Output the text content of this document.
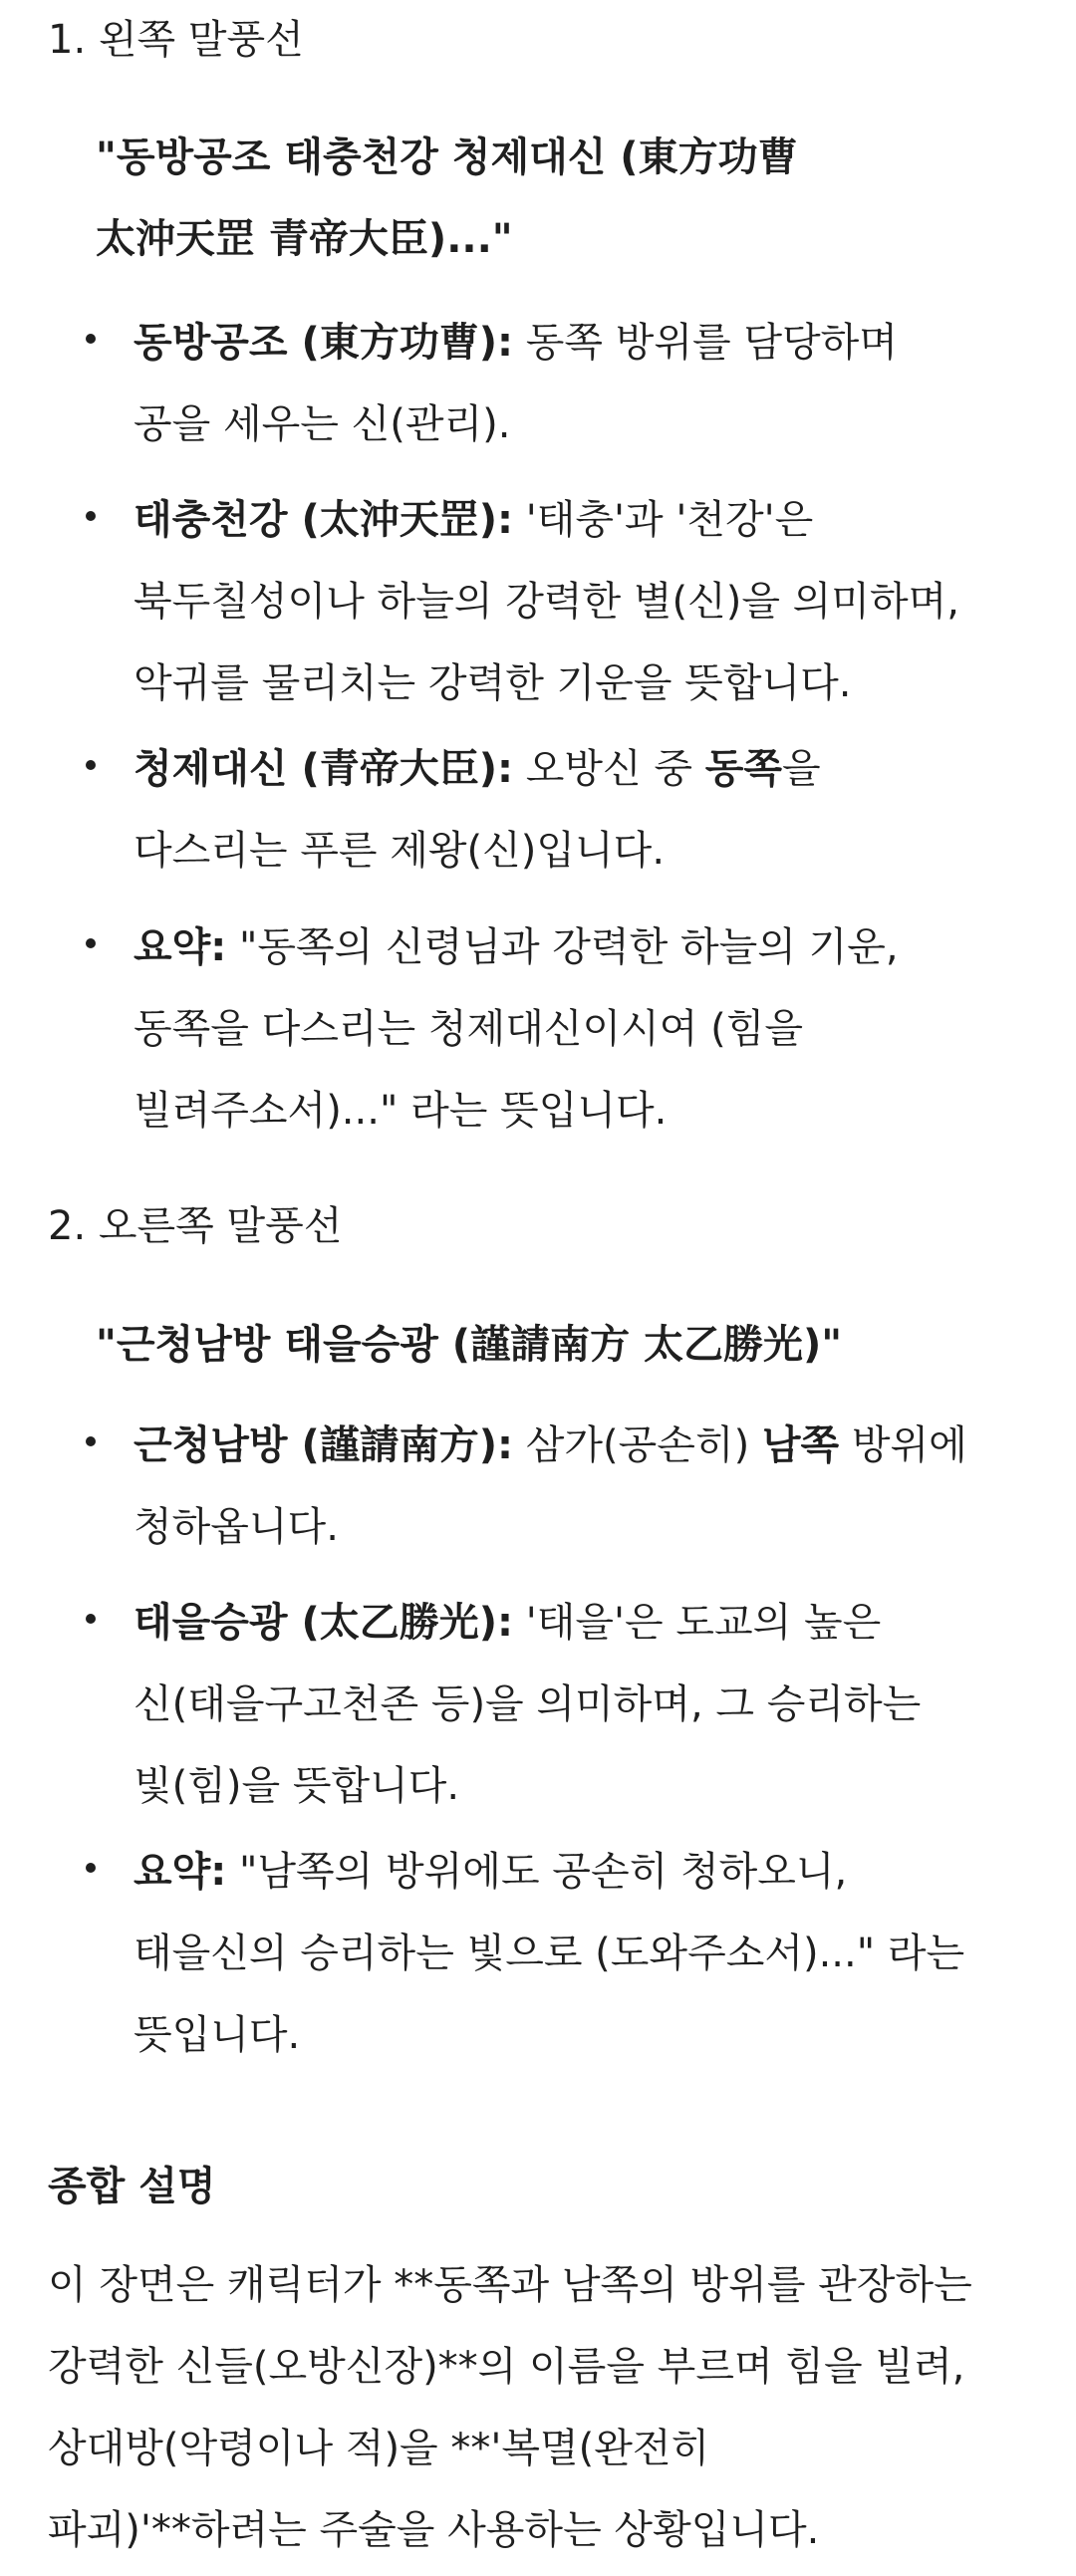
1. 왼쪽 말풍선
"동방공조 태충천강 청제대신 (東方功曹
太沖天罡 青帝大臣)..."
동방공조 (東方功曹): 동쪽 방위를 담당하며
공을 세우는 신(관리).
태충천강 (太沖天罡): '태충'과 '천강'은
북두칠성이나 하늘의 강력한 별(신)을 의미하며,
악귀를 물리치는 강력한 기운을 뜻합니다.
청제대신 (青帝大臣): 오방신 중 동쪽을
다스리는 푸른 제왕(신)입니다.
요약: "동쪽의 신령님과 강력한 하늘의 기운,
동쪽을 다스리는 청제대신이시여 (힘을
빌려주소서)..." 라는 뜻입니다.
2. 오른쪽 말풍선
"근청남방 태을승광 (謹請南方 太乙勝光)"
근청남방 (謹請南方): 삼가(공손히) 남쪽 방위에
청하옵니다.
태을승광 (太乙勝光): '태을'은 도교의 높은
신(태을구고천존 등)을 의미하며, 그 승리하는
빛(힘)을 뜻합니다.
요약: "남쪽의 방위에도 공손히 청하오니,
태을신의 승리하는 빛으로 (도와주소서)..." 라는
뜻입니다.
종합 설명
이 장면은 캐릭터가 **동쪽과 남쪽의 방위를 관장하는
강력한 신들(오방신장)**의 이름을 부르며 힘을 빌려,
상대방(악령이나 적)을 **'복멸(완전히
파괴)'**하려는 주술을 사용하는 상황입니다.
